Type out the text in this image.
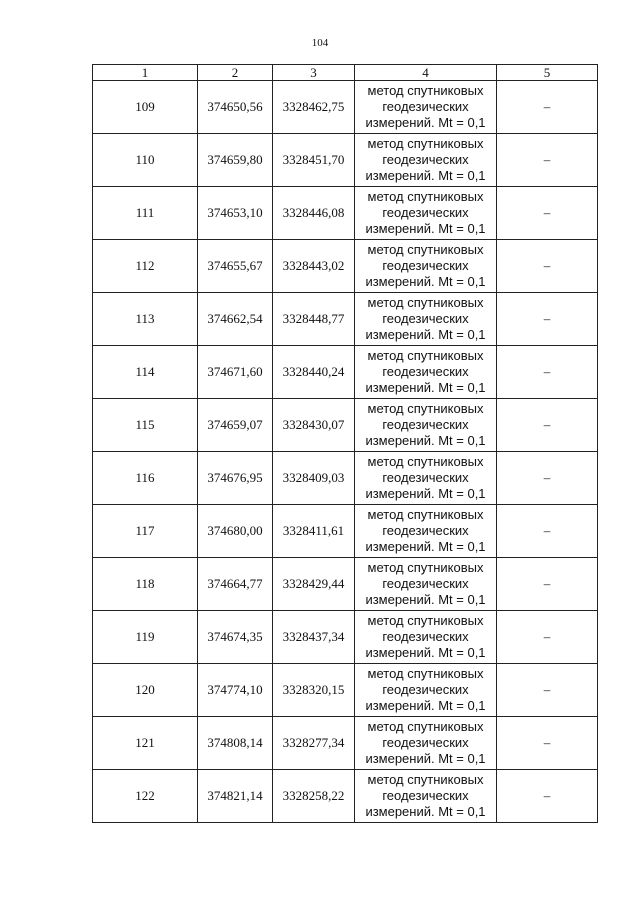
104
1	2	3	4	5
109	374650,56	3328462,75	метод спутниковых
геодезических
измерений. Mt = 0,1	–
110	374659,80	3328451,70	метод спутниковых
геодезических
измерений. Mt = 0,1	–
111	374653,10	3328446,08	метод спутниковых
геодезических
измерений. Mt = 0,1	–
112	374655,67	3328443,02	метод спутниковых
геодезических
измерений. Mt = 0,1	–
113	374662,54	3328448,77	метод спутниковых
геодезических
измерений. Mt = 0,1	–
114	374671,60	3328440,24	метод спутниковых
геодезических
измерений. Mt = 0,1	–
115	374659,07	3328430,07	метод спутниковых
геодезических
измерений. Mt = 0,1	–
116	374676,95	3328409,03	метод спутниковых
геодезических
измерений. Mt = 0,1	–
117	374680,00	3328411,61	метод спутниковых
геодезических
измерений. Mt = 0,1	–
118	374664,77	3328429,44	метод спутниковых
геодезических
измерений. Mt = 0,1	–
119	374674,35	3328437,34	метод спутниковых
геодезических
измерений. Mt = 0,1	–
120	374774,10	3328320,15	метод спутниковых
геодезических
измерений. Mt = 0,1	–
121	374808,14	3328277,34	метод спутниковых
геодезических
измерений. Mt = 0,1	–
122	374821,14	3328258,22	метод спутниковых
геодезических
измерений. Mt = 0,1	–
